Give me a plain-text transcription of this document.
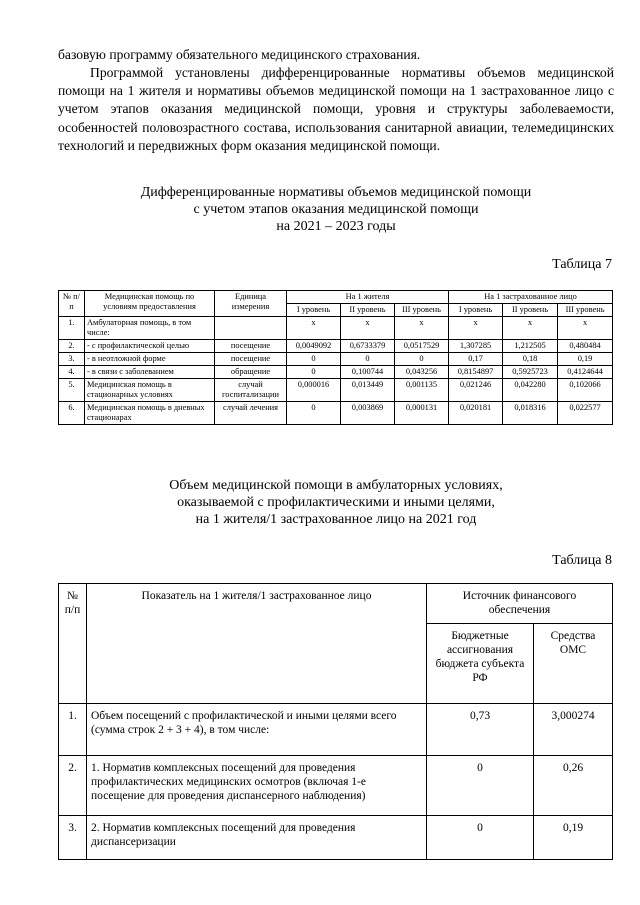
базовую программу обязательного медицинского страхования.

Программой установлены дифференцированные нормативы объемов медицинской помощи на 1 жителя и нормативы объемов медицинской помощи на 1 застрахованное лицо с учетом этапов оказания медицинской помощи, уровня и структуры заболеваемости, особенностей половозрастного состава, использования санитарной авиации, телемедицинских технологий и передвижных форм оказания медицинской помощи.

Дифференцированные нормативы объемов медицинской помощи
с учетом этапов оказания медицинской помощи
на 2021 – 2023 годы

Таблица 7

№ п/п	Медицинская помощь по условиям предоставления	Единица измерения	На 1 жителя			На 1 застрахованное лицо		
			I уровень	II уровень	III уровень	I уровень	II уровень	III уровень
1.	Амбулаторная помощь, в том числе:		х	х	х	х	х	х
2.	- с профилактической целью	посещение	0,0049092	0,6733379	0,0517529	1,307285	1,212505	0,480484
3.	- в неотложной форме	посещение	0	0	0	0,17	0,18	0,19
4.	- в связи с заболеванием	обращение	0	0,100744	0,043256	0,8154897	0,5925723	0,4124644
5.	Медицинская помощь в стационарных условиях	случай госпитализации	0,000016	0,013449	0,001135	0,021246	0,042280	0,102066
6.	Медицинская помощь в дневных стационарах	случай лечения	0	0,003869	0,000131	0,020181	0,018316	0,022577
Объем медицинской помощи в амбулаторных условиях,
оказываемой с профилактическими и иными целями,
на 1 жителя/1 застрахованное лицо на 2021 год

Таблица 8

№ п/п	Показатель на 1 жителя/1 застрахованное лицо	Источник финансового обеспечения	
		Бюджетные ассигнования бюджета субъекта РФ	Средства ОМС
1.	Объем посещений с профилактической и иными целями всего (сумма строк 2 + 3 + 4), в том числе:	0,73	3,000274
2.	1. Норматив комплексных посещений для проведения профилактических медицинских осмотров (включая 1-е посещение для проведения диспансерного наблюдения)	0	0,26
3.	2. Норматив комплексных посещений для проведения диспансеризации	0	0,19
